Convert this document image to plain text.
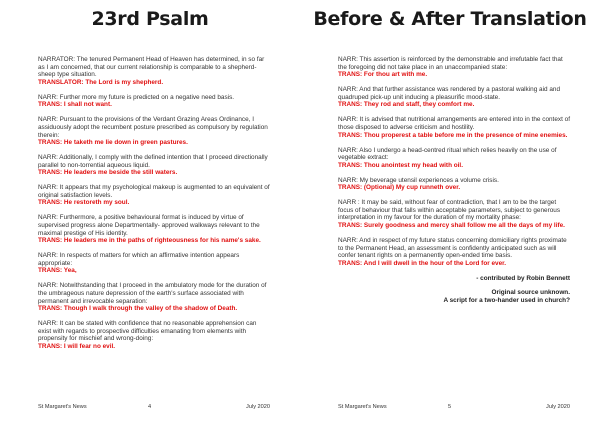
23rd Psalm

NARRATOR: The tenured Permanent Head of Heaven has determined, in so far as I am concerned, that our current relationship is comparable to a shepherd-sheep type situation.
TRANSLATOR: The Lord is my shepherd.

NARR: Further more my future is predicted on a negative need basis.
TRANS: I shall not want.

NARR: Pursuant to the provisions of the Verdant Grazing Areas Ordinance, I assiduously adopt the recumbent posture prescribed as compulsory by regulation therein:
TRANS: He taketh me lie down in green pastures.

NARR: Additionally, I comply with the defined intention that I proceed directionally parallel to non-torrential aqueous liquid.
TRANS: He leaders me beside the still waters.

NARR: It appears that my psychological makeup is augmented to an equivalent of original satisfaction levels.
TRANS: He restoreth my soul.

NARR: Furthermore, a positive behavioural format is induced by virtue of supervised progress alone Departmentally- approved walkways relevant to the maximal prestige of His identity.
TRANS: He leaders me in the paths of righteousness for his name's sake.

NARR: In respects of matters for which an affirmative intention appears appropriate:
TRANS: Yea,

NARR: Notwithstanding that I proceed in the ambulatory mode for the duration of the umbrageous nature depression of the earth's surface associated with permanent and irrevocable separation:
TRANS: Though I walk through the valley of the shadow of Death.

NARR: It can be stated with confidence that no reasonable apprehension can exist with regards to prospective difficulties emanating from elements with propensity for mischief and wrong-doing:
TRANS: I will fear no evil.

St Margaret's News	4	July 2020
Before & After Translation

NARR: This assertion is reinforced by the demonstrable and irrefutable fact that the foregoing did not take place in an unaccompanied state:
TRANS: For thou art with me.

NARR: And that further assistance was rendered by a pastoral walking aid and quadruped pick-up unit inducing a pleasurific mood-state.
TRANS: They rod and staff, they comfort me.

NARR: It is advised that nutritional arrangements are entered into in the context of those disposed to adverse criticism and hostility.
TRANS: Thou properest a table before me in the presence of mine enemies.

NARR: Also I undergo a head-centred ritual which relies heavily on the use of vegetable extract:
TRANS: Thou anointest my head with oil.

NARR: My beverage utensil experiences a volume crisis.
TRANS: (Optional) My cup runneth over.

NARR : It may be said, without fear of contradiction, that I am to be the target focus of behaviour that falls within acceptable parameters, subject to generous interpretation in my favour for the duration of my mortality phase:
TRANS: Surely goodness and mercy shall follow me all the days of my life.

NARR: And in respect of my future status concerning domiciliary rights proximate to the Permanent Head, an assessment is confidently anticipated such as will confer tenant rights on a permanently open-ended time basis.
TRANS: And I will dwell in the hour of the Lord for ever.

- contributed by Robin Bennett
Original source unknown.
A script for a two-hander used in church?
St Margaret's News	5	July 2020
